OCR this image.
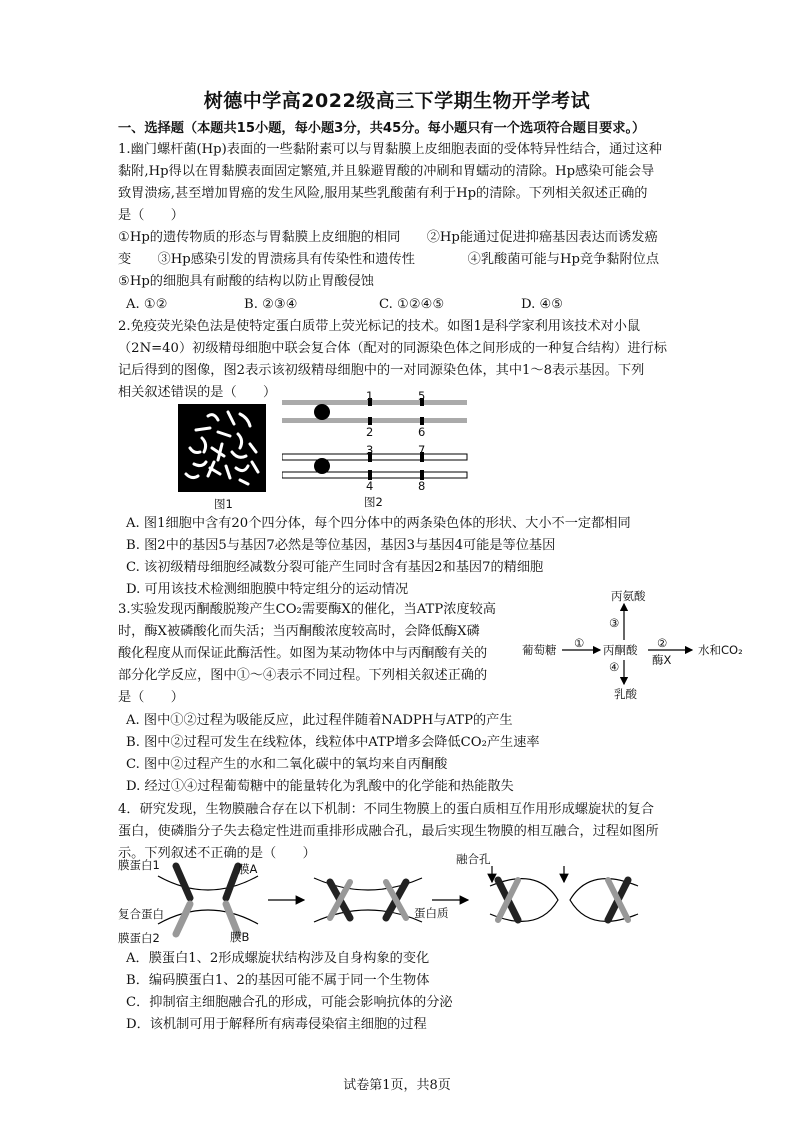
树德中学高2022级高三下学期生物开学考试
一、选择题（本题共15小题，每小题3分，共45分。每小题只有一个选项符合题目要求。）
1.幽门螺杆菌(Hp)表面的一些黏附素可以与胃黏膜上皮细胞表面的受体特异性结合，通过这种
黏附,Hp得以在胃黏膜表面固定繁殖,并且躲避胃酸的冲刷和胃蠕动的清除。Hp感染可能会导
致胃溃疡,甚至增加胃癌的发生风险,服用某些乳酸菌有利于Hp的清除。下列相关叙述正确的
是（　　）
①Hp的遗传物质的形态与胃黏膜上皮细胞的相同　　②Hp能通过促进抑癌基因表达而诱发癌
变　　③Hp感染引发的胃溃疡具有传染性和遗传性　　　　④乳酸菌可能与Hp竞争黏附位点
⑤Hp的细胞具有耐酸的结构以防止胃酸侵蚀
A. ①②	B. ②③④	C. ①②④⑤	D. ④⑤
2.免疫荧光染色法是使特定蛋白质带上荧光标记的技术。如图1是科学家利用该技术对小鼠
（2N=40）初级精母细胞中联会复合体（配对的同源染色体之间形成的一种复合结构）进行标
记后得到的图像，图2表示该初级精母细胞中的一对同源染色体，其中1～8表示基因。下列
相关叙述错误的是（　　）
图1
1
2
3
4
5
6
7
8
图2
A. 图1细胞中含有20个四分体，每个四分体中的两条染色体的形状、大小不一定都相同
B. 图2中的基因5与基因7必然是等位基因，基因3与基因4可能是等位基因
C. 该初级精母细胞经减数分裂可能产生同时含有基因2和基因7的精细胞
D. 可用该技术检测细胞膜中特定组分的运动情况
3.实验发现丙酮酸脱羧产生CO₂需要酶X的催化，当ATP浓度较高
时，酶X被磷酸化而失活；当丙酮酸浓度较高时，会降低酶X磷
酸化程度从而保证此酶活性。如图为某动物体中与丙酮酸有关的
部分化学反应，图中①～④表示不同过程。下列相关叙述正确的
是（　　）
丙氨酸
③
葡萄糖 ① 丙酮酸 ②
酶X
水和CO₂
④
乳酸
A. 图中①②过程为吸能反应，此过程伴随着NADPH与ATP的产生
B. 图中②过程可发生在线粒体，线粒体中ATP增多会降低CO₂产生速率
C. 图中②过程产生的水和二氧化碳中的氧均来自丙酮酸
D. 经过①④过程葡萄糖中的能量转化为乳酸中的化学能和热能散失
4．研究发现，生物膜融合存在以下机制：不同生物膜上的蛋白质相互作用形成螺旋状的复合
蛋白，使磷脂分子失去稳定性进而重排形成融合孔，最后实现生物膜的相互融合，过程如图所
示。下列叙述不正确的是（　　）
膜蛋白1	膜A
复合蛋白
膜蛋白2	膜B
蛋白质
融合孔
A．膜蛋白1、2形成螺旋状结构涉及自身构象的变化
B．编码膜蛋白1、2的基因可能不属于同一个生物体
C．抑制宿主细胞融合孔的形成，可能会影响抗体的分泌
D．该机制可用于解释所有病毒侵染宿主细胞的过程
试卷第1页，共8页
